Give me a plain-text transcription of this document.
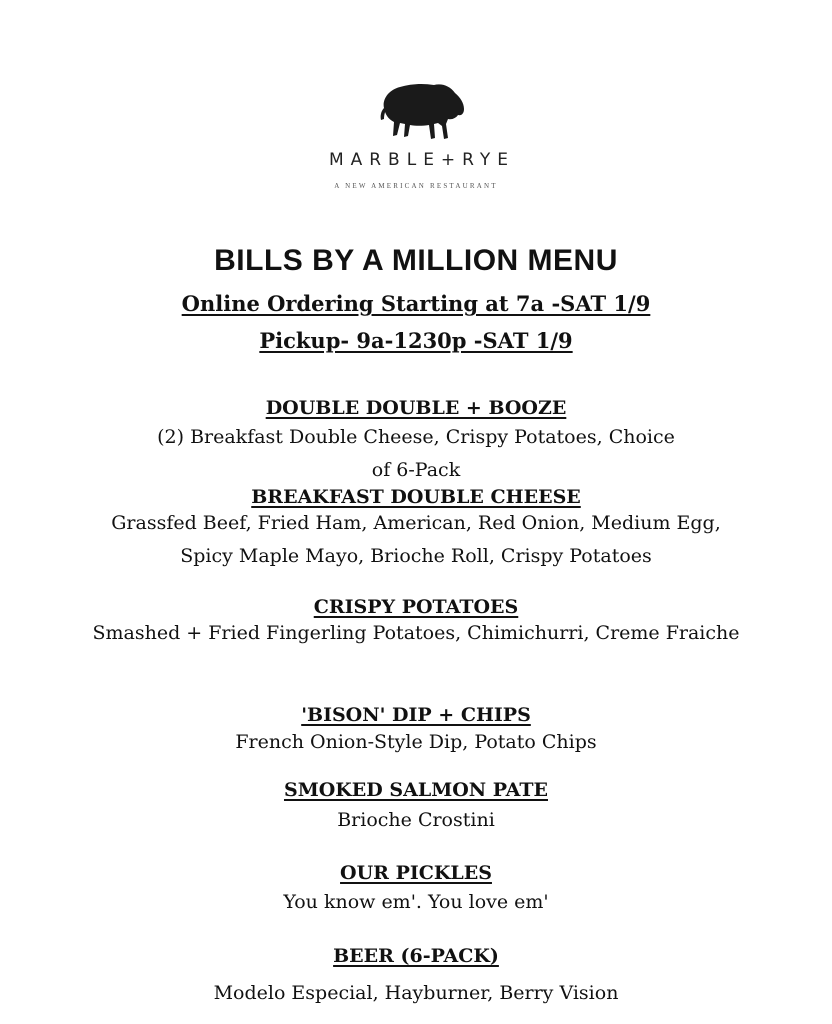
MARBLE+RYE
A NEW AMERICAN RESTAURANT
BILLS BY A MILLION MENU
Online Ordering Starting at 7a -SAT 1/9
Pickup- 9a-1230p -SAT 1/9
DOUBLE DOUBLE + BOOZE
(2) Breakfast Double Cheese, Crispy Potatoes, Choice of 6-Pack
BREAKFAST DOUBLE CHEESE
Grassfed Beef, Fried Ham, American, Red Onion, Medium Egg, Spicy Maple Mayo, Brioche Roll, Crispy Potatoes
CRISPY POTATOES
Smashed + Fried Fingerling Potatoes, Chimichurri, Creme Fraiche
'BISON' DIP + CHIPS
French Onion-Style Dip, Potato Chips
SMOKED SALMON PATE
Brioche Crostini
OUR PICKLES
You know em'. You love em'
BEER (6-PACK)
Modelo Especial, Hayburner, Berry Vision
